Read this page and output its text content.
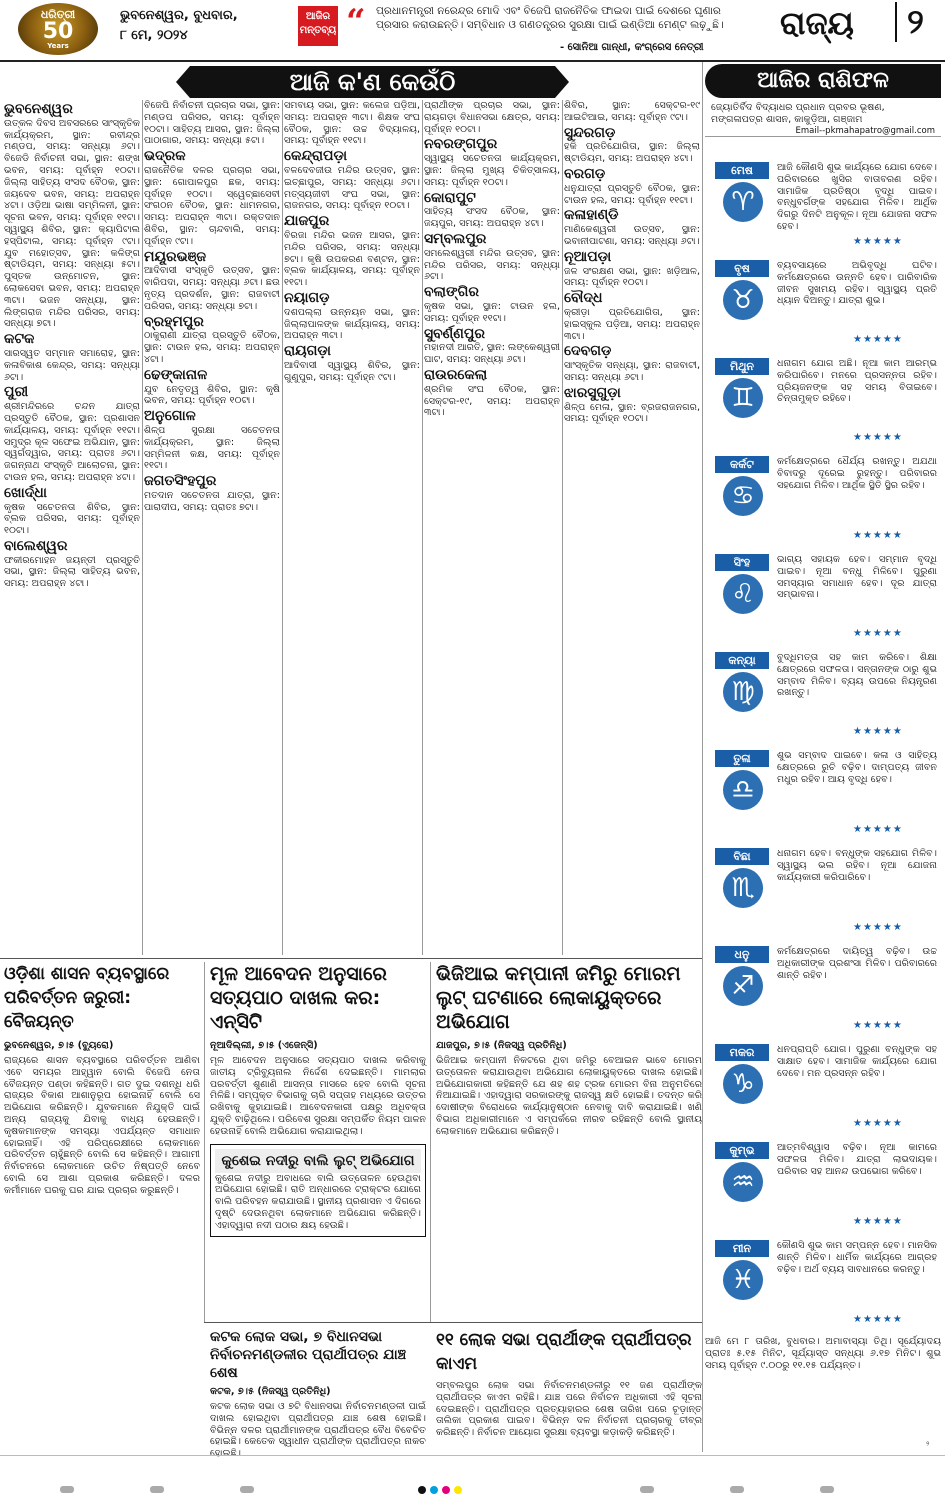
ଧରିତ୍ରୀ
50
Years
ଭୁବନେଶ୍ୱର, ବୁଧବାର,
୮ ମେ, ୨୦୨୪
ଆଜିର ମନ୍ତବ୍ୟ “ ପ୍ରଧାନମନ୍ତ୍ରୀ ନରେନ୍ଦ୍ର ମୋଦି ଏବଂ ବିଜେପି ରାଜନୈତିକ ଫାଇଦା ପାଇଁ ଦେଶରେ ଘୃଣାର ପ୍ରସାର କରାଉଛନ୍ତି। ସମ୍ବିଧାନ ଓ ଗଣତନ୍ତ୍ରର ସୁରକ୍ଷା ପାଇଁ ଇଣ୍ଡିଆ ମେଣ୍ଟ ଲଢ଼ୁଛି।
- ସୋନିଆ ଗାନ୍ଧୀ, କଂଗ୍ରେସ ନେତ୍ରୀ
ରାଜ୍ୟ	୨
ଆଜି କ'ଣ କେଉଁଠି
ଭୁବନେଶ୍ୱର

ଉତ୍କଳ ଦିବସ ଅବସରରେ ସାଂସ୍କୃତିକ କାର୍ଯ୍ୟକ୍ରମ, ସ୍ଥାନ: ରବୀନ୍ଦ୍ର ମଣ୍ଡପ, ସମୟ: ସନ୍ଧ୍ୟା ୬ଟା। ବିଜେଡି ନିର୍ବାଚନୀ ସଭା, ସ୍ଥାନ: ଶଙ୍ଖ ଭବନ, ସମୟ: ପୂର୍ବାହ୍ନ ୧୦ଟା। ଜିଲ୍ଲା ସାହିତ୍ୟ ସଂସଦ ବୈଠକ, ସ୍ଥାନ: ଜୟଦେବ ଭବନ, ସମୟ: ଅପରାହ୍ନ ୪ଟା। ଓଡ଼ିଆ ଭାଷା ସମ୍ମିଳନୀ, ସ୍ଥାନ: ସୂଚନା ଭବନ, ସମୟ: ପୂର୍ବାହ୍ନ ୧୧ଟା। ସ୍ୱାସ୍ଥ୍ୟ ଶିବିର, ସ୍ଥାନ: କ୍ୟାପିଟାଲ ହସ୍ପିଟାଲ, ସମୟ: ପୂର୍ବାହ୍ନ ୯ଟା। ଯୁବ ମହୋତ୍ସବ, ସ୍ଥାନ: କଳିଙ୍ଗ ଷ୍ଟାଡିୟମ, ସମୟ: ସନ୍ଧ୍ୟା ୫ଟା। ପୁସ୍ତକ ଉନ୍ମୋଚନ, ସ୍ଥାନ: ଲୋକସେବା ଭବନ, ସମୟ: ଅପରାହ୍ନ ୩ଟା। ଭଜନ ସନ୍ଧ୍ୟା, ସ୍ଥାନ: ଲିଙ୍ଗରାଜ ମନ୍ଦିର ପରିସର, ସମୟ: ସନ୍ଧ୍ୟା ୭ଟା।

କଟକ

ସାରସ୍ୱତ ସମ୍ମାନ ସମାରୋହ, ସ୍ଥାନ: କଳାବିକାଶ କେନ୍ଦ୍ର, ସମୟ: ସନ୍ଧ୍ୟା ୬ଟା।

ପୁରୀ

ଶ୍ରୀମନ୍ଦିରରେ ଚନ୍ଦନ ଯାତ୍ରା ପ୍ରସ୍ତୁତି ବୈଠକ, ସ୍ଥାନ: ପ୍ରଶାସନ କାର୍ଯ୍ୟାଳୟ, ସମୟ: ପୂର୍ବାହ୍ନ ୧୧ଟା। ସମୁଦ୍ର କୂଳ ସଫେଇ ଅଭିଯାନ, ସ୍ଥାନ: ସ୍ୱର୍ଗଦ୍ୱାର, ସମୟ: ପ୍ରାତଃ ୬ଟା। ଜଗନ୍ନାଥ ସଂସ୍କୃତି ଆଲୋଚନା, ସ୍ଥାନ: ଟାଉନ ହଲ, ସମୟ: ଅପରାହ୍ନ ୪ଟା।

ଖୋର୍ଦ୍ଧା

କୃଷକ ସଚେତନତା ଶିବିର, ସ୍ଥାନ: ବ୍ଲକ ପରିସର, ସମୟ: ପୂର୍ବାହ୍ନ ୧୦ଟା।

ବାଲେଶ୍ୱର

ଫକୀରମୋହନ ଜୟନ୍ତୀ ପ୍ରସ୍ତୁତି ସଭା, ସ୍ଥାନ: ଜିଲ୍ଲା ସାହିତ୍ୟ ଭବନ, ସମୟ: ଅପରାହ୍ନ ୪ଟା।

ବିଜେପି ନିର୍ବାଚନୀ ପ୍ରଚାର ସଭା, ସ୍ଥାନ: ମଣ୍ଡପ ପରିସର, ସମୟ: ପୂର୍ବାହ୍ନ ୧୦ଟା। ସାହିତ୍ୟ ଆସର, ସ୍ଥାନ: ଜିଲ୍ଲା ପାଠାଗାର, ସମୟ: ସନ୍ଧ୍ୟା ୫ଟା।

ଭଦ୍ରକ

ରାଜନୈତିକ ଦଳର ପ୍ରଚାର ସଭା, ସ୍ଥାନ: ଗୋପାଳପୁର ଛକ, ସମୟ: ପୂର୍ବାହ୍ନ ୧୦ଟା। ସ୍ୱେଚ୍ଛାସେବୀ ସଂଗଠନ ବୈଠକ, ସ୍ଥାନ: ଧାମନଗର, ସମୟ: ଅପରାହ୍ନ ୩ଟା। ରକ୍ତଦାନ ଶିବିର, ସ୍ଥାନ: ଚାନ୍ଦବାଲି, ସମୟ: ପୂର୍ବାହ୍ନ ୯ଟା।

ମୟୂରଭଞ୍ଜ

ଆଦିବାସୀ ସଂସ୍କୃତି ଉତ୍ସବ, ସ୍ଥାନ: ବାରିପଦା, ସମୟ: ସନ୍ଧ୍ୟା ୬ଟା। ଛଉ ନୃତ୍ୟ ପ୍ରଦର୍ଶନ, ସ୍ଥାନ: ରାଜବାଟୀ ପରିସର, ସମୟ: ସନ୍ଧ୍ୟା ୭ଟା।

ବ୍ରହ୍ମପୁର

ଠାକୁରାଣୀ ଯାତ୍ରା ପ୍ରସ୍ତୁତି ବୈଠକ, ସ୍ଥାନ: ଟାଉନ ହଲ, ସମୟ: ଅପରାହ୍ନ ୪ଟା।

ଢେଙ୍କାନାଳ

ଯୁବ ନେତୃତ୍ୱ ଶିବିର, ସ୍ଥାନ: କୃଷି ଭବନ, ସମୟ: ପୂର୍ବାହ୍ନ ୧୦ଟା।

ଅନୁଗୋଳ

ଶିଳ୍ପ ସୁରକ୍ଷା ସଚେତନତା କାର୍ଯ୍ୟକ୍ରମ, ସ୍ଥାନ: ଜିଲ୍ଲା ସମ୍ମିଳନୀ କକ୍ଷ, ସମୟ: ପୂର୍ବାହ୍ନ ୧୧ଟା।

ଜଗତସିଂହପୁର

ମତଦାନ ସଚେତନତା ଯାତ୍ରା, ସ୍ଥାନ: ପାରାଦୀପ, ସମୟ: ପ୍ରାତଃ ୭ଟା।

ସମବାୟ ସଭା, ସ୍ଥାନ: କଲେଜ ପଡ଼ିଆ, ସମୟ: ଅପରାହ୍ନ ୩ଟା। ଶିକ୍ଷକ ସଂଘ ବୈଠକ, ସ୍ଥାନ: ଉଚ୍ଚ ବିଦ୍ୟାଳୟ, ସମୟ: ପୂର୍ବାହ୍ନ ୧୧ଟା।

କେନ୍ଦ୍ରାପଡ଼ା

ବଳଦେବଜୀଉ ମନ୍ଦିର ଉତ୍ସବ, ସ୍ଥାନ: ଇଚ୍ଛାପୁର, ସମୟ: ସନ୍ଧ୍ୟା ୬ଟା। ମତ୍ସ୍ୟଜୀବୀ ସଂଘ ସଭା, ସ୍ଥାନ: ରାଜନଗର, ସମୟ: ପୂର୍ବାହ୍ନ ୧୦ଟା।

ଯାଜପୁର

ବିରଜା ମନ୍ଦିର ଭଜନ ଆସର, ସ୍ଥାନ: ମନ୍ଦିର ପରିସର, ସମୟ: ସନ୍ଧ୍ୟା ୭ଟା। କୃଷି ଉପକରଣ ବଣ୍ଟନ, ସ୍ଥାନ: ବ୍ଲକ କାର୍ଯ୍ୟାଳୟ, ସମୟ: ପୂର୍ବାହ୍ନ ୧୧ଟା।

ନୟାଗଡ଼

ଦଶପଲ୍ଲା ଉନ୍ନୟନ ସଭା, ସ୍ଥାନ: ଜିଲ୍ଲାପାଳଙ୍କ କାର୍ଯ୍ୟାଳୟ, ସମୟ: ଅପରାହ୍ନ ୩ଟା।

ରାୟଗଡ଼ା

ଆଦିବାସୀ ସ୍ୱାସ୍ଥ୍ୟ ଶିବିର, ସ୍ଥାନ: ଗୁଣୁପୁର, ସମୟ: ପୂର୍ବାହ୍ନ ୯ଟା।

ପ୍ରାର୍ଥୀଙ୍କ ପ୍ରଚାର ସଭା, ସ୍ଥାନ: ରାୟଗଡ଼ା ବିଧାନସଭା କ୍ଷେତ୍ର, ସମୟ: ପୂର୍ବାହ୍ନ ୧୦ଟା।

ନବରଙ୍ଗପୁର

ସ୍ୱାସ୍ଥ୍ୟ ସଚେତନତା କାର୍ଯ୍ୟକ୍ରମ, ସ୍ଥାନ: ଜିଲ୍ଲା ମୁଖ୍ୟ ଚିକିତ୍ସାଳୟ, ସମୟ: ପୂର୍ବାହ୍ନ ୧୦ଟା।

କୋରାପୁଟ

ସାହିତ୍ୟ ସଂସଦ ବୈଠକ, ସ୍ଥାନ: ଜୟପୁର, ସମୟ: ଅପରାହ୍ନ ୪ଟା।

ସମ୍ବଲପୁର

ସମଲେଶ୍ୱରୀ ମନ୍ଦିର ଉତ୍ସବ, ସ୍ଥାନ: ମନ୍ଦିର ପରିସର, ସମୟ: ସନ୍ଧ୍ୟା ୬ଟା।

ବଲାଙ୍ଗିର

କୃଷକ ସଭା, ସ୍ଥାନ: ଟାଉନ ହଲ, ସମୟ: ପୂର୍ବାହ୍ନ ୧୧ଟା।

ସୁବର୍ଣ୍ଣପୁର

ମହାନଦୀ ଆରତି, ସ୍ଥାନ: ଲଙ୍କେଶ୍ୱରୀ ଘାଟ, ସମୟ: ସନ୍ଧ୍ୟା ୬ଟା।

ରାଉରକେଲା

ଶ୍ରମିକ ସଂଘ ବୈଠକ, ସ୍ଥାନ: ସେକ୍ଟର-୧୯, ସମୟ: ଅପରାହ୍ନ ୩ଟା।

ଶିବିର, ସ୍ଥାନ: ସେକ୍ଟର-୧୯ ଆଇଟିଆଇ, ସମୟ: ପୂର୍ବାହ୍ନ ୯ଟା।

ସୁନ୍ଦରଗଡ଼

ହକି ପ୍ରତିଯୋଗିତା, ସ୍ଥାନ: ଜିଲ୍ଲା ଷ୍ଟାଡିୟମ, ସମୟ: ଅପରାହ୍ନ ୪ଟା।

ବରଗଡ଼

ଧନୁଯାତ୍ରା ପ୍ରସ୍ତୁତି ବୈଠକ, ସ୍ଥାନ: ଟାଉନ ହଲ, ସମୟ: ପୂର୍ବାହ୍ନ ୧୧ଟା।

କଳାହାଣ୍ଡି

ମାଣିକେଶ୍ୱରୀ ଉତ୍ସବ, ସ୍ଥାନ: ଭବାନୀପାଟଣା, ସମୟ: ସନ୍ଧ୍ୟା ୬ଟା।

ନୂଆପଡ଼ା

ଜଳ ସଂରକ୍ଷଣ ସଭା, ସ୍ଥାନ: ଖଡ଼ିଆଳ, ସମୟ: ପୂର୍ବାହ୍ନ ୧୦ଟା।

ବୌଦ୍ଧ

କ୍ରୀଡ଼ା ପ୍ରତିଯୋଗିତା, ସ୍ଥାନ: ହାଇସ୍କୁଲ ପଡ଼ିଆ, ସମୟ: ଅପରାହ୍ନ ୩ଟା।

ଦେବଗଡ଼

ସାଂସ୍କୃତିକ ସନ୍ଧ୍ୟା, ସ୍ଥାନ: ରାଜବାଟୀ, ସମୟ: ସନ୍ଧ୍ୟା ୬ଟା।

ଝାରସୁଗୁଡ଼ା

ଶିଳ୍ପ ମେଳା, ସ୍ଥାନ: ବ୍ରଜରାଜନଗର, ସମୟ: ପୂର୍ବାହ୍ନ ୧୦ଟା।

ଆଜିର ରାଶିଫଳ
ଜ୍ୟୋତିର୍ବିଦ ବିଦ୍ୟାଧର ପ୍ରଧାନ ପ୍ରବର ଭୂଷଣ, ମଙ୍ଗଳାପତ୍ର ଶାସନ, କାକୁଡ଼ିଆ, ଗଞ୍ଜାମ
Email--pkmahapatro@gmail.com
ମେଷ
♈
ଆଜି କୌଣସି ଶୁଭ କାର୍ଯ୍ୟରେ ଯୋଗ ଦେବେ। ପରିବାରରେ ଖୁସିର ବାତାବରଣ ରହିବ। ସାମାଜିକ ପ୍ରତିଷ୍ଠା ବୃଦ୍ଧି ପାଇବ। ବନ୍ଧୁବର୍ଗଙ୍କ ସହଯୋଗ ମିଳିବ। ଆର୍ଥିକ ଦିଗରୁ ଦିନଟି ଅନୁକୂଳ। ନୂଆ ଯୋଜନା ସଫଳ ହେବ।
★★★★★
ବୃଷ
♉
ବ୍ୟବସାୟରେ ଅଭିବୃଦ୍ଧି ଘଟିବ। କର୍ମକ୍ଷେତ୍ରରେ ଉନ୍ନତି ହେବ। ପାରିବାରିକ ଜୀବନ ସୁଖମୟ ରହିବ। ସ୍ୱାସ୍ଥ୍ୟ ପ୍ରତି ଧ୍ୟାନ ଦିଅନ୍ତୁ। ଯାତ୍ରା ଶୁଭ।
★★★★★
ମିଥୁନ
♊
ଧନାଗମ ଯୋଗ ଅଛି। ନୂଆ କାମ ଆରମ୍ଭ କରିପାରିବେ। ମନରେ ପ୍ରସନ୍ନତା ରହିବ। ପ୍ରିୟଜନଙ୍କ ସହ ସମୟ ବିତାଇବେ। ଚିନ୍ତାମୁକ୍ତ ରହିବେ।
★★★★★
କର୍କଟ
♋
କର୍ମକ୍ଷେତ୍ରରେ ଧୈର୍ଯ୍ୟ ରଖନ୍ତୁ। ଅଯଥା ବିବାଦରୁ ଦୂରେଇ ରୁହନ୍ତୁ। ପରିବାରର ସହଯୋଗ ମିଳିବ। ଆର୍ଥିକ ସ୍ଥିତି ସ୍ଥିର ରହିବ।
★★★★★
ସିଂହ
♌
ଭାଗ୍ୟ ସହାୟକ ହେବ। ସମ୍ମାନ ବୃଦ୍ଧି ପାଇବ। ନୂଆ ବନ୍ଧୁ ମିଳିବେ। ପୁରୁଣା ସମସ୍ୟାର ସମାଧାନ ହେବ। ଦୂର ଯାତ୍ରା ସମ୍ଭାବନା।
★★★★★
କନ୍ୟା
♍
ବୁଦ୍ଧିମତ୍ତା ସହ କାମ କରିବେ। ଶିକ୍ଷା କ୍ଷେତ୍ରରେ ସଫଳତା। ସନ୍ତାନଙ୍କ ଠାରୁ ଶୁଭ ସମ୍ବାଦ ମିଳିବ। ବ୍ୟୟ ଉପରେ ନିୟନ୍ତ୍ରଣ ରଖନ୍ତୁ।
★★★★★
ତୁଳା
♎
ଶୁଭ ସମ୍ବାଦ ପାଇବେ। କଳା ଓ ସାହିତ୍ୟ କ୍ଷେତ୍ରରେ ରୁଚି ବଢ଼ିବ। ଦାମ୍ପତ୍ୟ ଜୀବନ ମଧୁର ରହିବ। ଆୟ ବୃଦ୍ଧି ହେବ।
★★★★★
ବିଛା
♏
ଧନାଗମ ହେବ। ବନ୍ଧୁଙ୍କ ସହଯୋଗ ମିଳିବ। ସ୍ୱାସ୍ଥ୍ୟ ଭଲ ରହିବ। ନୂଆ ଯୋଜନା କାର୍ଯ୍ୟକାରୀ କରିପାରିବେ।
★★★★★
ଧନୁ
♐
କର୍ମକ୍ଷେତ୍ରରେ ଦାୟିତ୍ୱ ବଢ଼ିବ। ଉଚ୍ଚ ଅଧିକାରୀଙ୍କ ପ୍ରଶଂସା ମିଳିବ। ପରିବାରରେ ଶାନ୍ତି ରହିବ।
★★★★★
ମକର
♑
ଧନପ୍ରାପ୍ତି ଯୋଗ। ପୁରୁଣା ବନ୍ଧୁଙ୍କ ସହ ସାକ୍ଷାତ ହେବ। ସାମାଜିକ କାର୍ଯ୍ୟରେ ଯୋଗ ଦେବେ। ମନ ପ୍ରସନ୍ନ ରହିବ।
★★★★★
କୁମ୍ଭ
♒
ଆତ୍ମବିଶ୍ୱାସ ବଢ଼ିବ। ନୂଆ କାମରେ ସଫଳତା ମିଳିବ। ଯାତ୍ରା ଲାଭଦାୟକ। ପରିବାର ସହ ଆନନ୍ଦ ଉପଭୋଗ କରିବେ।
★★★★★
ମୀନ
♓
କୌଣସି ଶୁଭ କାମ ସମ୍ପନ୍ନ ହେବ। ମାନସିକ ଶାନ୍ତି ମିଳିବ। ଧାର୍ମିକ କାର୍ଯ୍ୟରେ ଆଗ୍ରହ ବଢ଼ିବ। ଅର୍ଥ ବ୍ୟୟ ସାବଧାନରେ କରନ୍ତୁ।
★★★★★
ଆଜି ମେ ୮ ତାରିଖ, ବୁଧବାର। ଅମାବାସ୍ୟା ତିଥି। ସୂର୍ଯ୍ୟୋଦୟ ପ୍ରାତଃ ୫.୧୫ ମିନିଟ, ସୂର୍ଯ୍ୟାସ୍ତ ସନ୍ଧ୍ୟା ୬.୧୭ ମିନିଟ। ଶୁଭ ସମୟ ପୂର୍ବାହ୍ନ ୯.୦୦ରୁ ୧୧.୧୫ ପର୍ଯ୍ୟନ୍ତ।
ଓଡ଼ିଶା ଶାସନ ବ୍ୟବସ୍ଥାରେ ପରିବର୍ତ୍ତନ ଜରୁରୀ: ବୈଜୟନ୍ତ
ଭୁବନେଶ୍ୱର, ୭।୫ (ବ୍ୟୁରୋ)
ରାଜ୍ୟରେ ଶାସନ ବ୍ୟବସ୍ଥାରେ ପରିବର୍ତ୍ତନ ଆଣିବା ଏବେ ସମୟର ଆହ୍ୱାନ ବୋଲି ବିଜେପି ନେତା ବୈଜୟନ୍ତ ପଣ୍ଡା କହିଛନ୍ତି। ଗତ ଦୁଇ ଦଶନ୍ଧି ଧରି ରାଜ୍ୟର ବିକାଶ ଆଶାନୁରୂପ ହୋଇନାହିଁ ବୋଲି ସେ ଅଭିଯୋଗ କରିଛନ୍ତି। ଯୁବକମାନେ ନିଯୁକ୍ତି ପାଇଁ ଅନ୍ୟ ରାଜ୍ୟକୁ ଯିବାକୁ ବାଧ୍ୟ ହେଉଛନ୍ତି। କୃଷକମାନଙ୍କ ସମସ୍ୟା ଏପର୍ଯ୍ୟନ୍ତ ସମାଧାନ ହୋଇନାହିଁ। ଏହି ପରିପ୍ରେକ୍ଷୀରେ ଲୋକମାନେ ପରିବର୍ତ୍ତନ ଚାହୁଁଛନ୍ତି ବୋଲି ସେ କହିଛନ୍ତି। ଆଗାମୀ ନିର୍ବାଚନରେ ଲୋକମାନେ ଉଚିତ ନିଷ୍ପତ୍ତି ନେବେ ବୋଲି ସେ ଆଶା ପ୍ରକାଶ କରିଛନ୍ତି। ଦଳର କର୍ମୀମାନେ ଘରକୁ ଘର ଯାଇ ପ୍ରଚାର କରୁଛନ୍ତି।
ମୂଳ ଆବେଦନ ଅନୁସାରେ ସତ୍ୟପାଠ ଦାଖଲ କର: ଏନ୍‌ସିଟି
ନୂଆଦିଲ୍ଲୀ, ୭।୫ (ଏଜେନ୍ସି)
ମୂଳ ଆବେଦନ ଅନୁସାରେ ସତ୍ୟପାଠ ଦାଖଲ କରିବାକୁ ଜାତୀୟ ଟ୍ରିବ୍ୟୁନାଲ ନିର୍ଦ୍ଦେଶ ଦେଇଛନ୍ତି। ମାମଲାର ପରବର୍ତ୍ତୀ ଶୁଣାଣି ଆସନ୍ତା ମାସରେ ହେବ ବୋଲି ସୂଚନା ମିଳିଛି। ସମ୍ପୃକ୍ତ ବିଭାଗକୁ ଚାରି ସପ୍ତାହ ମଧ୍ୟରେ ଉତ୍ତର ରଖିବାକୁ କୁହାଯାଇଛି। ଆବେଦନକାରୀ ପକ୍ଷରୁ ଅଧିବକ୍ତା ଯୁକ୍ତି ବାଢ଼ିଥିଲେ। ପରିବେଶ ସୁରକ୍ଷା ସମ୍ପର୍କିତ ନିୟମ ପାଳନ ହେଉନାହିଁ ବୋଲି ଅଭିଯୋଗ କରାଯାଇଥିଲା।
କୁଶେଇ ନଦୀରୁ ବାଲି ଲୁଟ୍ ଅଭିଯୋଗ
କୁଶେଇ ନଦୀରୁ ଅବାଧରେ ବାଲି ଉତ୍ତୋଳନ ହେଉଥିବା ଅଭିଯୋଗ ହୋଇଛି। ରାତି ଅନ୍ଧାରରେ ଟ୍ରାକ୍ଟର ଯୋଗେ ବାଲି ପରିବହନ କରାଯାଉଛି। ସ୍ଥାନୀୟ ପ୍ରଶାସନ ଏ ଦିଗରେ ଦୃଷ୍ଟି ଦେଉନଥିବା ଲୋକମାନେ ଅଭିଯୋଗ କରିଛନ୍ତି। ଏହାଦ୍ୱାରା ନଦୀ ପଠାର କ୍ଷୟ ହେଉଛି।
ଭିଜିଆଇ କମ୍ପାନୀ ଜମିରୁ ମୋରମ ଲୁଟ୍ ଘଟଣାରେ ଲୋକାୟୁକ୍ତରେ ଅଭିଯୋଗ
ଯାଜପୁର, ୭।୫ (ନିଜସ୍ୱ ପ୍ରତିନିଧି)
ଭିଜିଆଇ କମ୍ପାନୀ ନିକଟରେ ଥିବା ଜମିରୁ ବେଆଇନ ଭାବେ ମୋରମ ଉତ୍ତୋଳନ କରାଯାଉଥିବା ଅଭିଯୋଗ ଲୋକାୟୁକ୍ତରେ ଦାଖଲ ହୋଇଛି। ଅଭିଯୋଗକାରୀ କହିଛନ୍ତି ଯେ ଶହ ଶହ ଟ୍ରକ ମୋରମ ବିନା ଅନୁମତିରେ ନିଆଯାଇଛି। ଏହାଦ୍ୱାରା ସରକାରଙ୍କୁ ରାଜସ୍ୱ କ୍ଷତି ହୋଇଛି। ତଦନ୍ତ କରି ଦୋଷୀଙ୍କ ବିରୋଧରେ କାର୍ଯ୍ୟାନୁଷ୍ଠାନ ନେବାକୁ ଦାବି କରାଯାଇଛି। ଖଣି ବିଭାଗ ଅଧିକାରୀମାନେ ଏ ସମ୍ପର୍କରେ ନୀରବ ରହିଛନ୍ତି ବୋଲି ସ୍ଥାନୀୟ ଲୋକମାନେ ଅଭିଯୋଗ କରିଛନ୍ତି।
କଟକ ଲୋକ ସଭା, ୭ ବିଧାନସଭା ନିର୍ବାଚନମଣ୍ଡଳୀର ପ୍ରାର୍ଥୀପତ୍ର ଯାଞ୍ଚ ଶେଷ
କଟକ, ୭।୫ (ନିଜସ୍ୱ ପ୍ରତିନିଧି)
କଟକ ଲୋକ ସଭା ଓ ୭ଟି ବିଧାନସଭା ନିର୍ବାଚନମଣ୍ଡଳୀ ପାଇଁ ଦାଖଲ ହୋଇଥିବା ପ୍ରାର୍ଥୀପତ୍ର ଯାଞ୍ଚ ଶେଷ ହୋଇଛି। ବିଭିନ୍ନ ଦଳର ପ୍ରାର୍ଥୀମାନଙ୍କ ପ୍ରାର୍ଥୀପତ୍ର ବୈଧ ବିବେଚିତ ହୋଇଛି। କେତେକ ସ୍ୱାଧୀନ ପ୍ରାର୍ଥୀଙ୍କ ପ୍ରାର୍ଥୀପତ୍ର ନାକଚ ହୋଇଛି।
୧୧ ଲୋକ ସଭା ପ୍ରାର୍ଥୀଙ୍କ ପ୍ରାର୍ଥୀପତ୍ର କାଏମ
ସମ୍ବଲପୁର ଲୋକ ସଭା ନିର୍ବାଚନମଣ୍ଡଳୀରୁ ୧୧ ଜଣ ପ୍ରାର୍ଥୀଙ୍କ ପ୍ରାର୍ଥୀପତ୍ର କାଏମ ରହିଛି। ଯାଞ୍ଚ ପରେ ନିର୍ବାଚନ ଅଧିକାରୀ ଏହି ସୂଚନା ଦେଇଛନ୍ତି। ପ୍ରାର୍ଥୀପତ୍ର ପ୍ରତ୍ୟାହାରର ଶେଷ ତାରିଖ ପରେ ଚୂଡ଼ାନ୍ତ ତାଲିକା ପ୍ରକାଶ ପାଇବ। ବିଭିନ୍ନ ଦଳ ନିର୍ବାଚନୀ ପ୍ରଚାରକୁ ତୀବ୍ର କରିଛନ୍ତି। ନିର୍ବାଚନ ଆୟୋଗ ସୁରକ୍ଷା ବ୍ୟବସ୍ଥା କଡ଼ାକଡ଼ି କରିଛନ୍ତି।
୨
